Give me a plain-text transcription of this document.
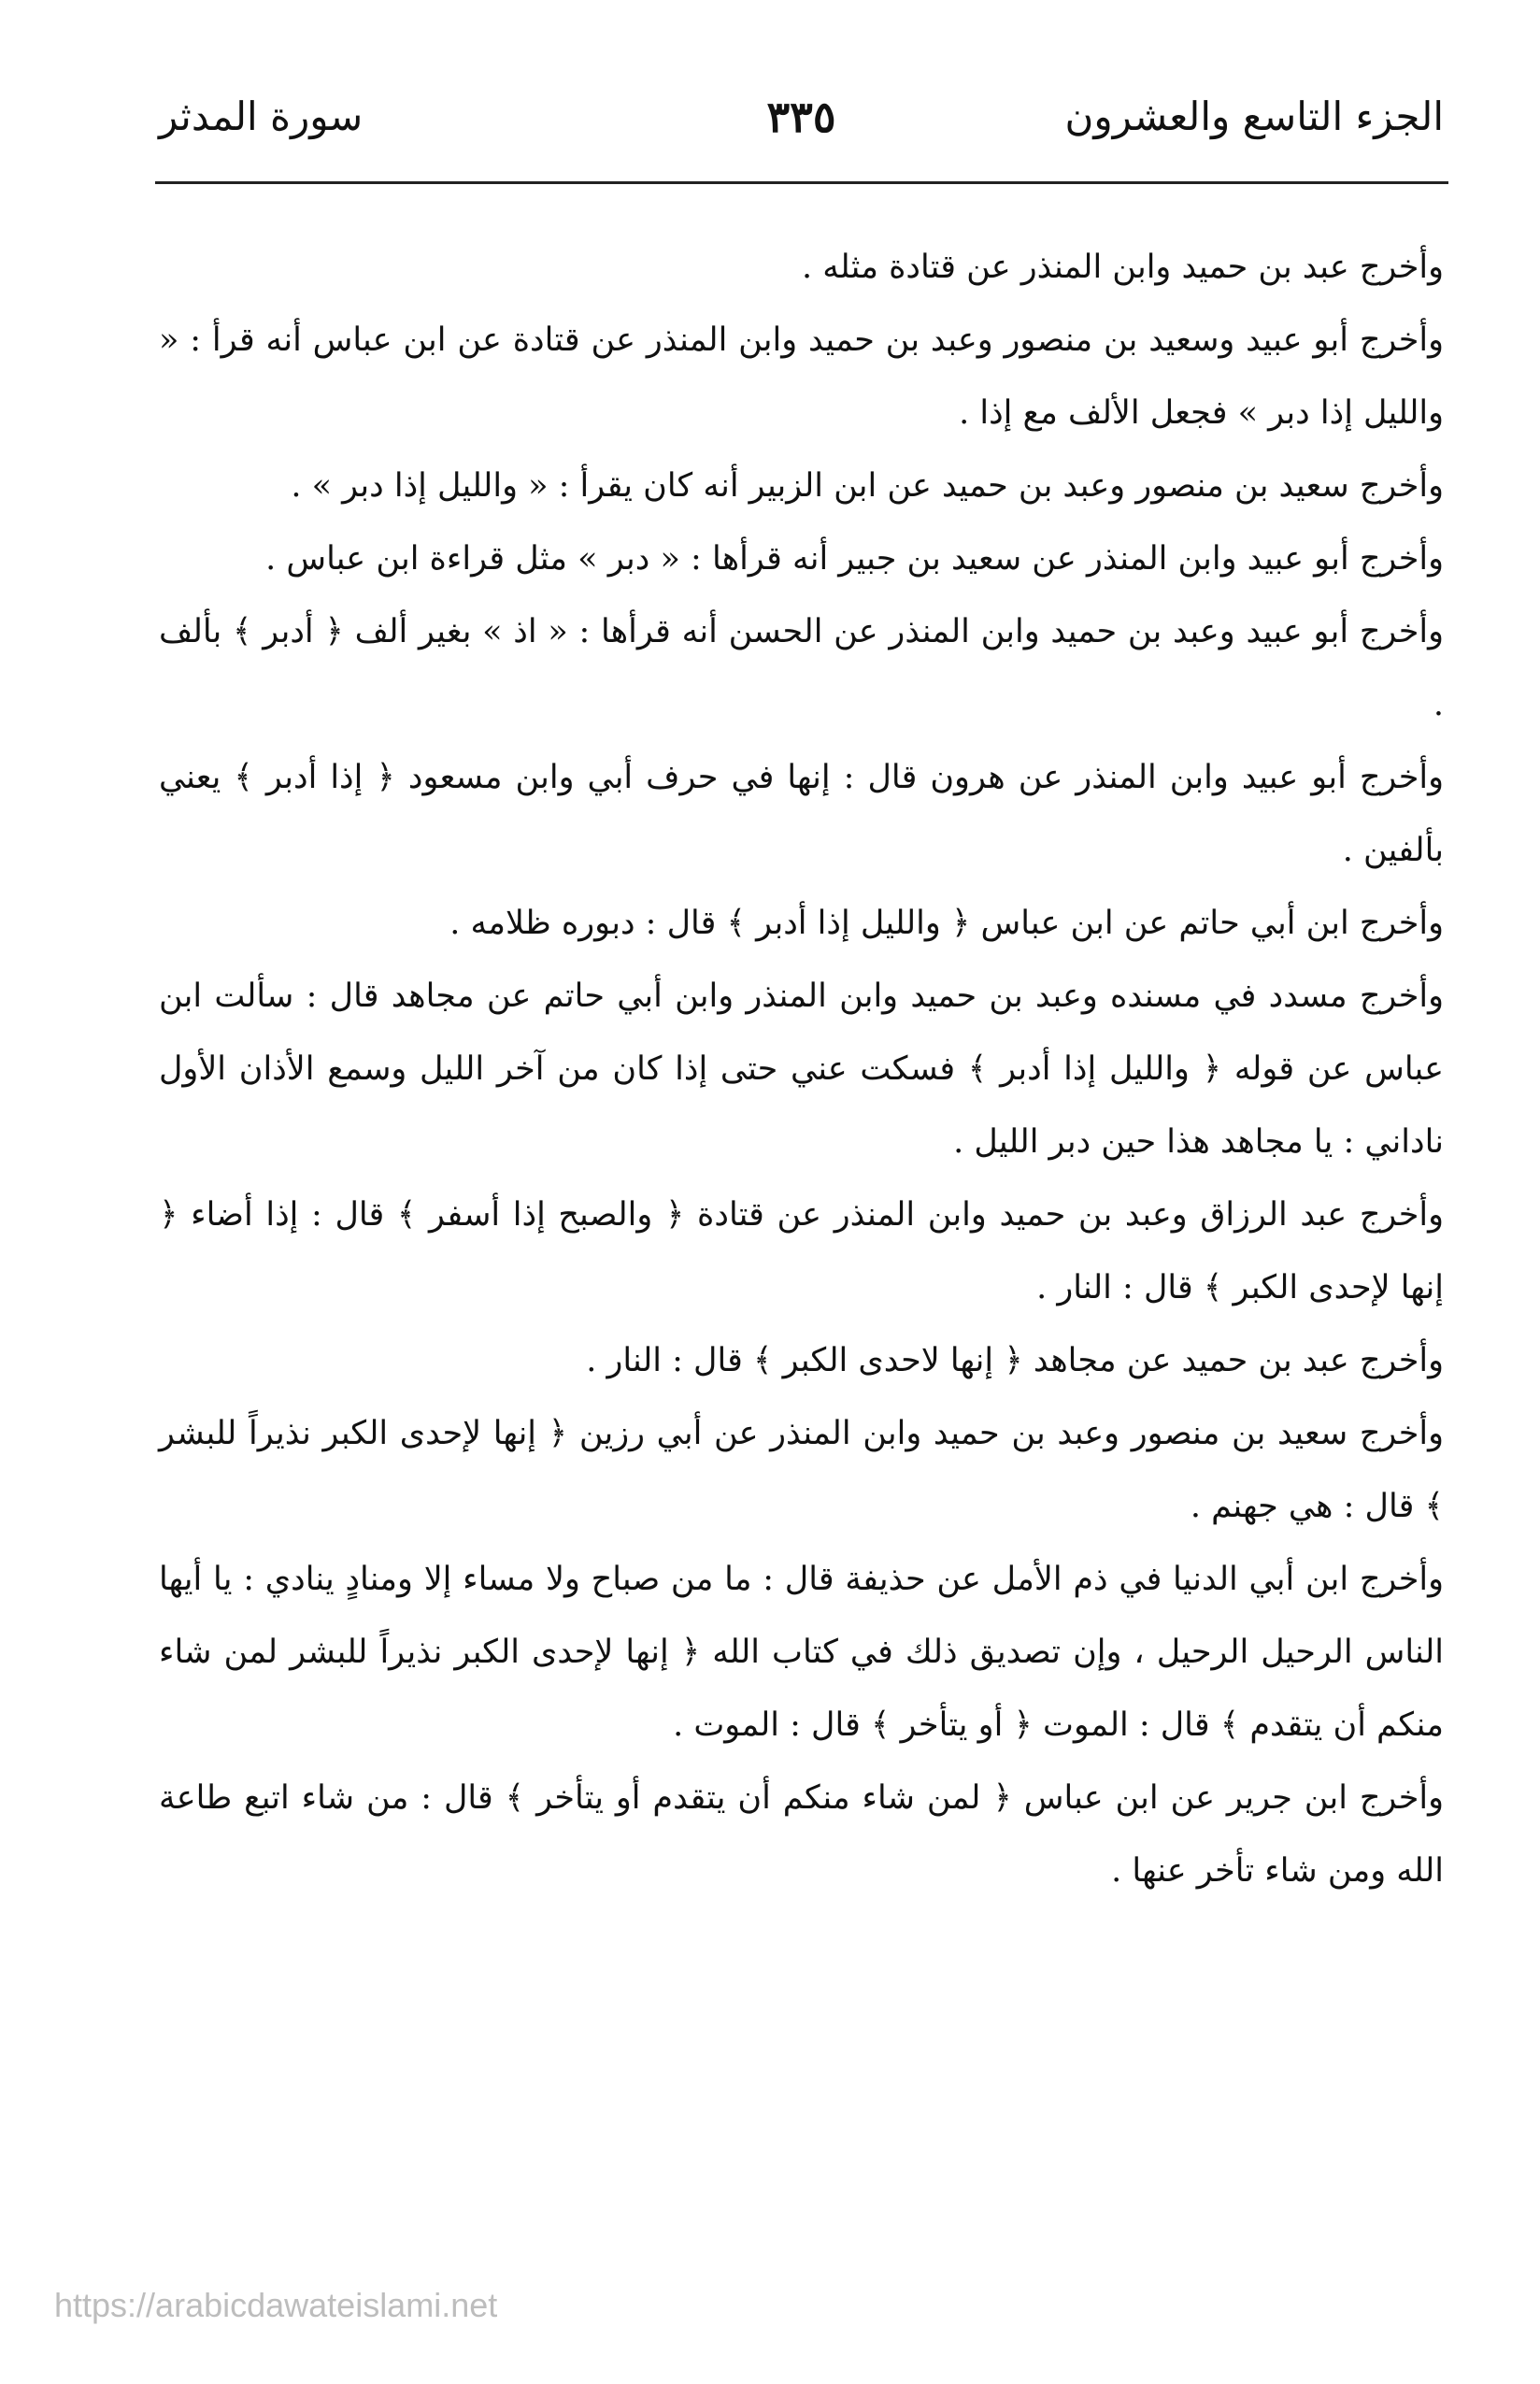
الجزء التاسع والعشرون
٣٣٥
سورة المدثر

وأخرج عبد بن حميد وابن المنذر عن قتادة مثله .

وأخرج أبو عبيد وسعيد بن منصور وعبد بن حميد وابن المنذر عن قتادة عن ابن عباس أنه قرأ : « والليل إذا دبر » فجعل الألف مع إذا .

وأخرج سعيد بن منصور وعبد بن حميد عن ابن الزبير أنه كان يقرأ : « والليل إذا دبر » .

وأخرج أبو عبيد وابن المنذر عن سعيد بن جبير أنه قرأها : « دبر » مثل قراءة ابن عباس .

وأخرج أبو عبيد وعبد بن حميد وابن المنذر عن الحسن أنه قرأها : « اذ » بغير ألف ﴿ أدبر ﴾ بألف .

وأخرج أبو عبيد وابن المنذر عن هرون قال : إنها في حرف أبي وابن مسعود ﴿ إذا أدبر ﴾ يعني بألفين .

وأخرج ابن أبي حاتم عن ابن عباس ﴿ والليل إذا أدبر ﴾ قال : دبوره ظلامه .

وأخرج مسدد في مسنده وعبد بن حميد وابن المنذر وابن أبي حاتم عن مجاهد قال : سألت ابن عباس عن قوله ﴿ والليل إذا أدبر ﴾ فسكت عني حتى إذا كان من آخر الليل وسمع الأذان الأول ناداني : يا مجاهد هذا حين دبر الليل .

وأخرج عبد الرزاق وعبد بن حميد وابن المنذر عن قتادة ﴿ والصبح إذا أسفر ﴾ قال : إذا أضاء ﴿ إنها لإحدى الكبر ﴾ قال : النار .

وأخرج عبد بن حميد عن مجاهد ﴿ إنها لاحدى الكبر ﴾ قال : النار .

وأخرج سعيد بن منصور وعبد بن حميد وابن المنذر عن أبي رزين ﴿ إنها لإحدى الكبر نذيراً للبشر ﴾ قال : هي جهنم .

وأخرج ابن أبي الدنيا في ذم الأمل عن حذيفة قال : ما من صباح ولا مساء إلا ومنادٍ ينادي : يا أيها الناس الرحيل الرحيل ، وإن تصديق ذلك في كتاب الله ﴿ إنها لإحدى الكبر نذيراً للبشر لمن شاء منكم أن يتقدم ﴾ قال : الموت ﴿ أو يتأخر ﴾ قال : الموت .

وأخرج ابن جرير عن ابن عباس ﴿ لمن شاء منكم أن يتقدم أو يتأخر ﴾ قال : من شاء اتبع طاعة الله ومن شاء تأخر عنها .

https://arabicdawateislami.net
